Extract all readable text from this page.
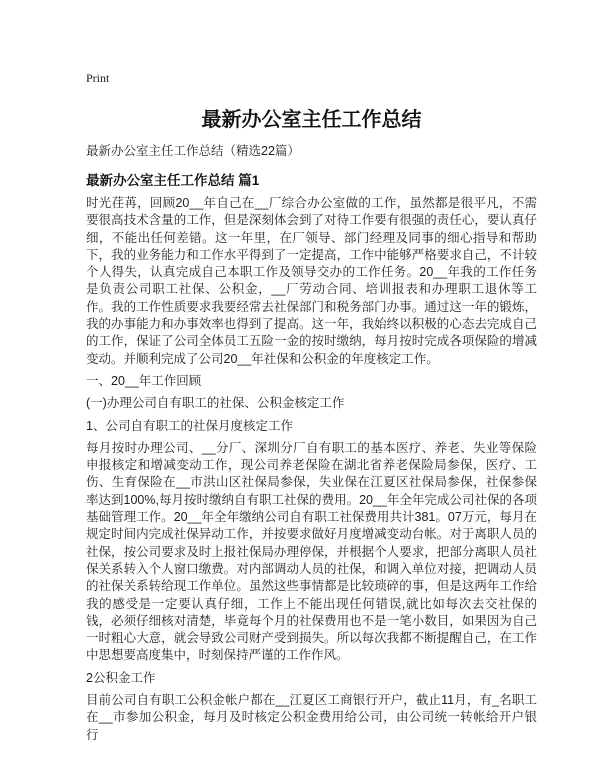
Print
最新办公室主任工作总结

最新办公室主任工作总结（精选22篇）

最新办公室主任工作总结 篇1

时光荏苒，回顾20__年自己在__厂综合办公室做的工作，虽然都是很平凡，不需要很高技术含量的工作，但是深刻体会到了对待工作要有很强的责任心，要认真仔细，不能出任何差错。这一年里，在厂领导、部门经理及同事的细心指导和帮助下，我的业务能力和工作水平得到了一定提高，工作中能够严格要求自己，不计较个人得失，认真完成自己本职工作及领导交办的工作任务。20__年我的工作任务是负责公司职工社保、公积金，__厂劳动合同、培训报表和办理职工退休等工作。我的工作性质要求我要经常去社保部门和税务部门办事。通过这一年的锻炼，我的办事能力和办事效率也得到了提高。这一年，我始终以积极的心态去完成自己的工作，保证了公司全体员工五险一金的按时缴纳，每月按时完成各项保险的增减变动。并顺利完成了公司20__年社保和公积金的年度核定工作。

一、20__年工作回顾

(一)办理公司自有职工的社保、公积金核定工作

1、公司自有职工的社保月度核定工作

每月按时办理公司、__分厂、深圳分厂自有职工的基本医疗、养老、失业等保险申报核定和增减变动工作，现公司养老保险在湖北省养老保险局参保，医疗、工伤、生育保险在__市洪山区社保局参保，失业保在江夏区社保局参保，社保参保率达到100%,每月按时缴纳自有职工社保的费用。20__年全年完成公司社保的各项基础管理工作。20__年全年缴纳公司自有职工社保费用共计381。07万元，每月在规定时间内完成社保异动工作，并按要求做好月度增减变动台帐。对于离职人员的社保，按公司要求及时上报社保局办理停保，并根据个人要求，把部分离职人员社保关系转入个人窗口缴费。对内部调动人员的社保，和调入单位对接，把调动人员的社保关系转给现工作单位。虽然这些事情都是比较琐碎的事，但是这两年工作给我的感受是一定要认真仔细，工作上不能出现任何错误,就比如每次去交社保的钱，必须仔细核对清楚，毕竟每个月的社保费用也不是一笔小数目，如果因为自己一时粗心大意，就会导致公司财产受到损失。所以每次我都不断提醒自己，在工作中思想要高度集中，时刻保持严谨的工作作风。

2公积金工作

目前公司自有职工公积金帐户都在__江夏区工商银行开户，截止11月，有_名职工在__市参加公积金，每月及时核定公积金费用给公司，由公司统一转帐给开户银行
